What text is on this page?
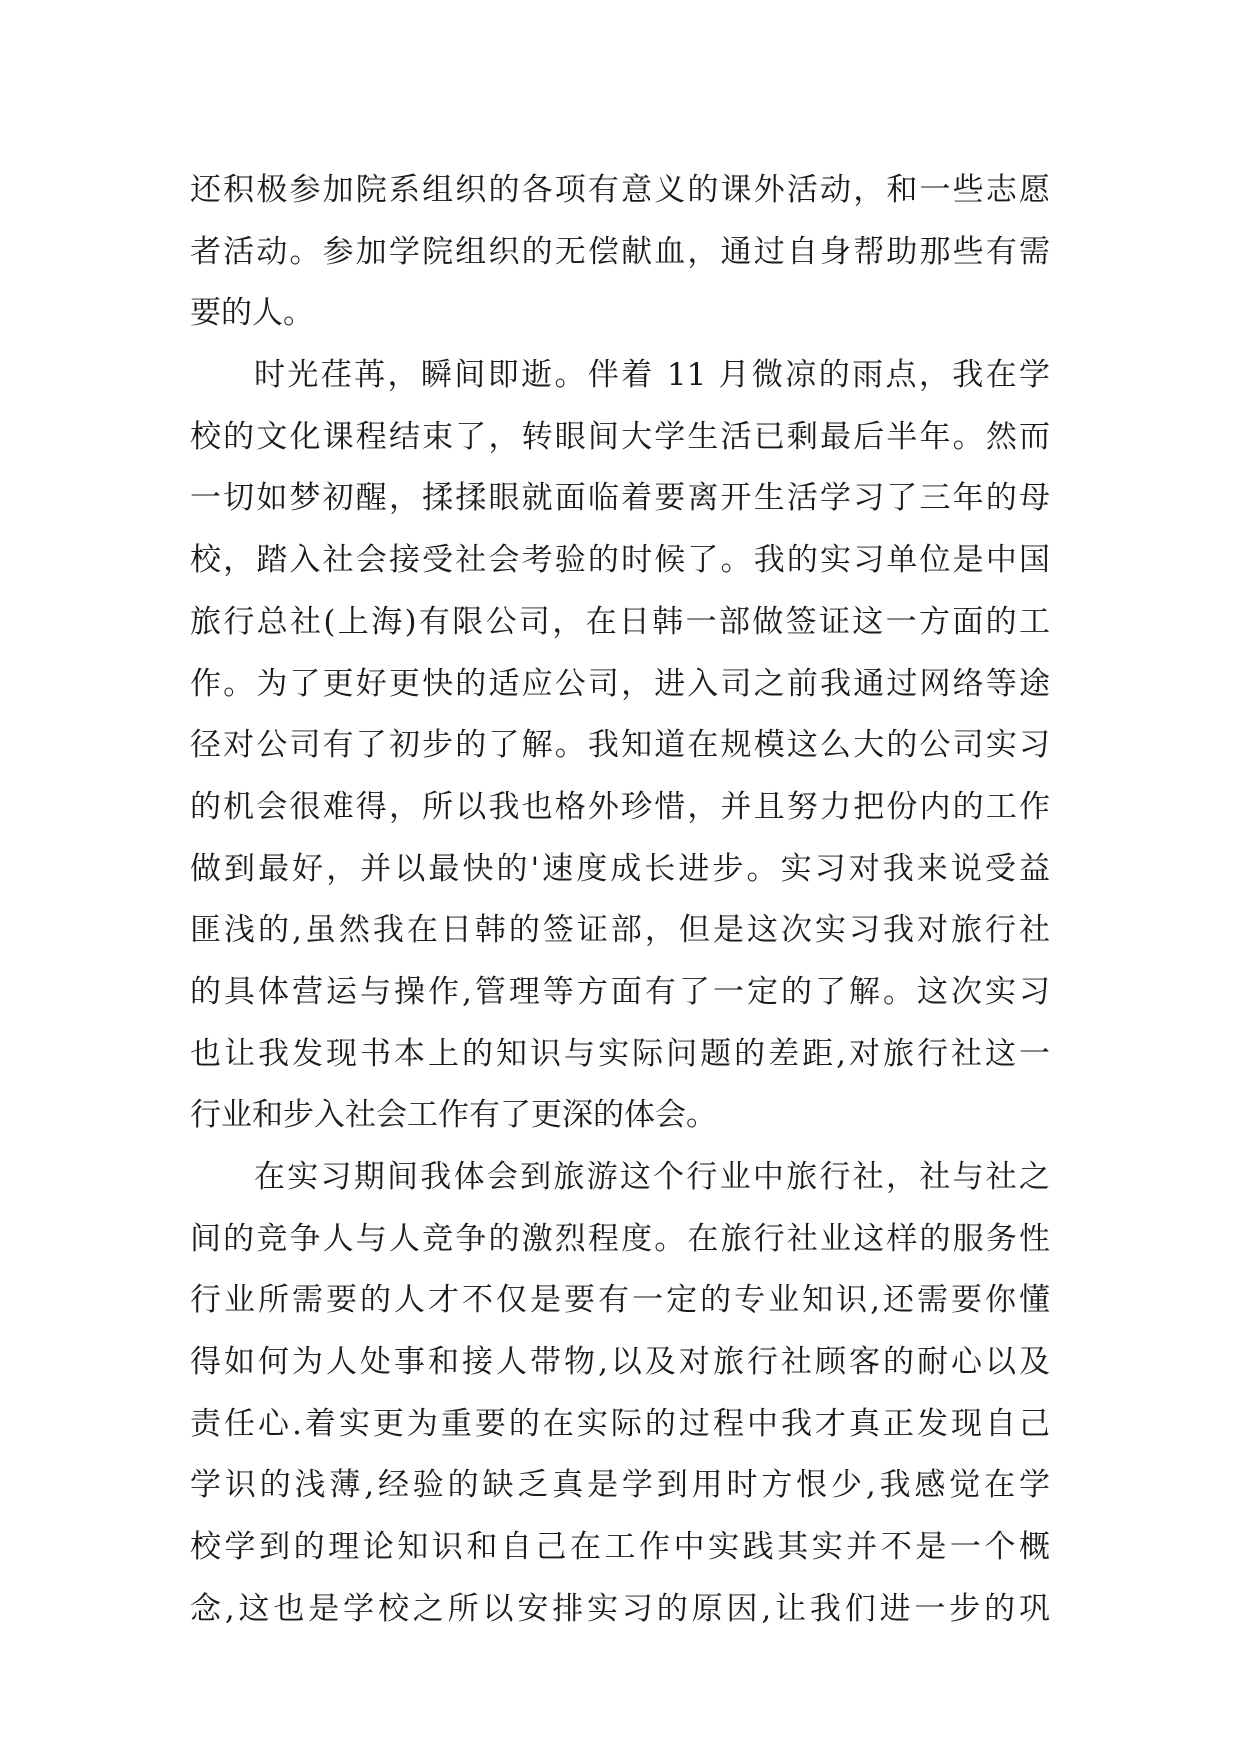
还积极参加院系组织的各项有意义的课外活动，和一些志愿
者活动。参加学院组织的无偿献血，通过自身帮助那些有需
要的人。
时光荏苒，瞬间即逝。伴着 11 月微凉的雨点，我在学
校的文化课程结束了，转眼间大学生活已剩最后半年。然而
一切如梦初醒，揉揉眼就面临着要离开生活学习了三年的母
校，踏入社会接受社会考验的时候了。我的实习单位是中国
旅行总社(上海)有限公司，在日韩一部做签证这一方面的工
作。为了更好更快的适应公司，进入司之前我通过网络等途
径对公司有了初步的了解。我知道在规模这么大的公司实习
的机会很难得，所以我也格外珍惜，并且努力把份内的工作
做到最好，并以最快的'速度成长进步。实习对我来说受益
匪浅的,虽然我在日韩的签证部，但是这次实习我对旅行社
的具体营运与操作,管理等方面有了一定的了解。这次实习
也让我发现书本上的知识与实际问题的差距,对旅行社这一
行业和步入社会工作有了更深的体会。
在实习期间我体会到旅游这个行业中旅行社，社与社之
间的竞争人与人竞争的激烈程度。在旅行社业这样的服务性
行业所需要的人才不仅是要有一定的专业知识,还需要你懂
得如何为人处事和接人带物,以及对旅行社顾客的耐心以及
责任心.着实更为重要的在实际的过程中我才真正发现自己
学识的浅薄,经验的缺乏真是学到用时方恨少,我感觉在学
校学到的理论知识和自己在工作中实践其实并不是一个概
念,这也是学校之所以安排实习的原因,让我们进一步的巩
